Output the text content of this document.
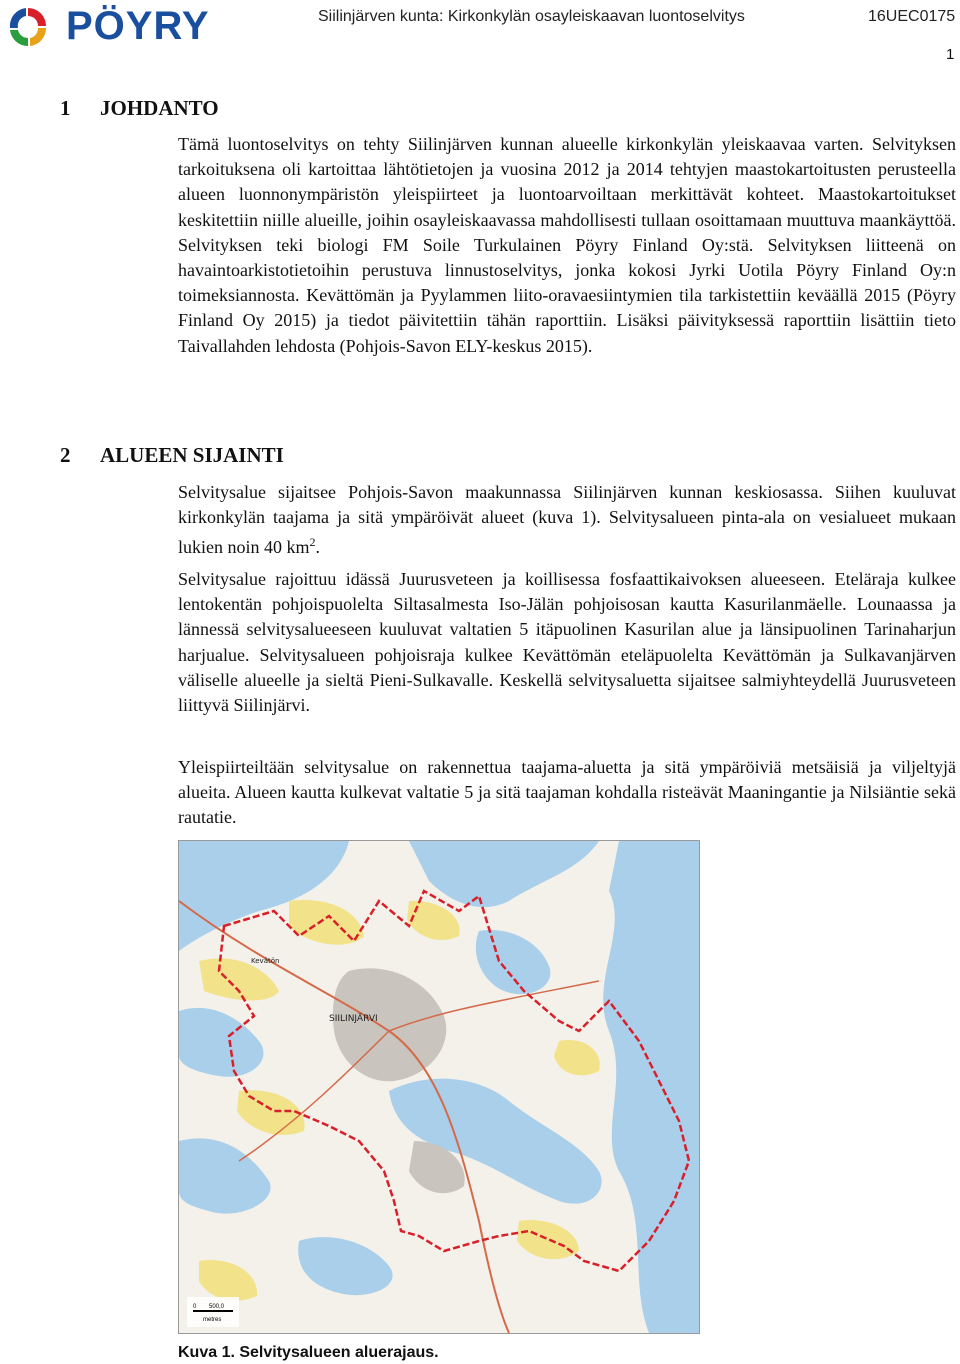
PÖYRY	Siilinjärven kunta: Kirkonkylän osayleiskaavan luontoselvitys	16UEC0175
1
1 JOHDANTO
Tämä luontoselvitys on tehty Siilinjärven kunnan alueelle kirkonkylän yleiskaavaa varten. Selvityksen tarkoituksena oli kartoittaa lähtötietojen ja vuosina 2012 ja 2014 tehtyjen maastokartoitusten perusteella alueen luonnonympäristön yleispiirteet ja luontoarvoiltaan merkittävät kohteet. Maastokartoitukset keskitettiin niille alueille, joihin osayleiskaavassa mahdollisesti tullaan osoittamaan muuttuva maankäyttöä. Selvityksen teki biologi FM Soile Turkulainen Pöyry Finland Oy:stä. Selvityksen liitteenä on havaintoarkistotietoihin perustuva linnustoselvitys, jonka kokosi Jyrki Uotila Pöyry Finland Oy:n toimeksiannosta. Kevättömän ja Pyylammen liito-oravaesiintymien tila tarkistettiin keväällä 2015 (Pöyry Finland Oy 2015) ja tiedot päivitettiin tähän raporttiin. Lisäksi päivityksessä raporttiin lisättiin tieto Taivallahden lehdosta (Pohjois-Savon ELY-keskus 2015).
2 ALUEEN SIJAINTI
Selvitysalue sijaitsee Pohjois-Savon maakunnassa Siilinjärven kunnan keskiosassa. Siihen kuuluvat kirkonkylän taajama ja sitä ympäröivät alueet (kuva 1). Selvitysalueen pinta-ala on vesialueet mukaan lukien noin 40 $km^2$.
Selvitysalue rajoittuu idässä Juurusveteen ja koillisessa fosfaattikaivoksen alueeseen. Eteläraja kulkee lentokentän pohjoispuolelta Siltasalmesta Iso-Jälän pohjoisosan kautta Kasurilanmäelle. Lounaassa ja lännessä selvitysalueeseen kuuluvat valtatien 5 itäpuolinen Kasurilan alue ja länsipuolinen Tarinaharjun harjualue. Selvitysalueen pohjoisraja kulkee Kevättömän eteläpuolelta Kevättömän ja Sulkavanjärven väliselle alueelle ja sieltä Pieni-Sulkavalle. Keskellä selvitysaluetta sijaitsee salmiyhteydellä Juurusveteen liittyvä Siilinjärvi.
Yleispiirteiltään selvitysalue on rakennettua taajama-aluetta ja sitä ympäröiviä metsäisiä ja viljeltyjä alueita. Alueen kautta kulkevat valtatie 5 ja sitä taajaman kohdalla risteävät Maaningantie ja Nilsiäntie sekä rautatie.
SIILINJÄRVI
Kevätön
0 500,0
metres
Kuva 1. Selvitysalueen aluerajaus.
